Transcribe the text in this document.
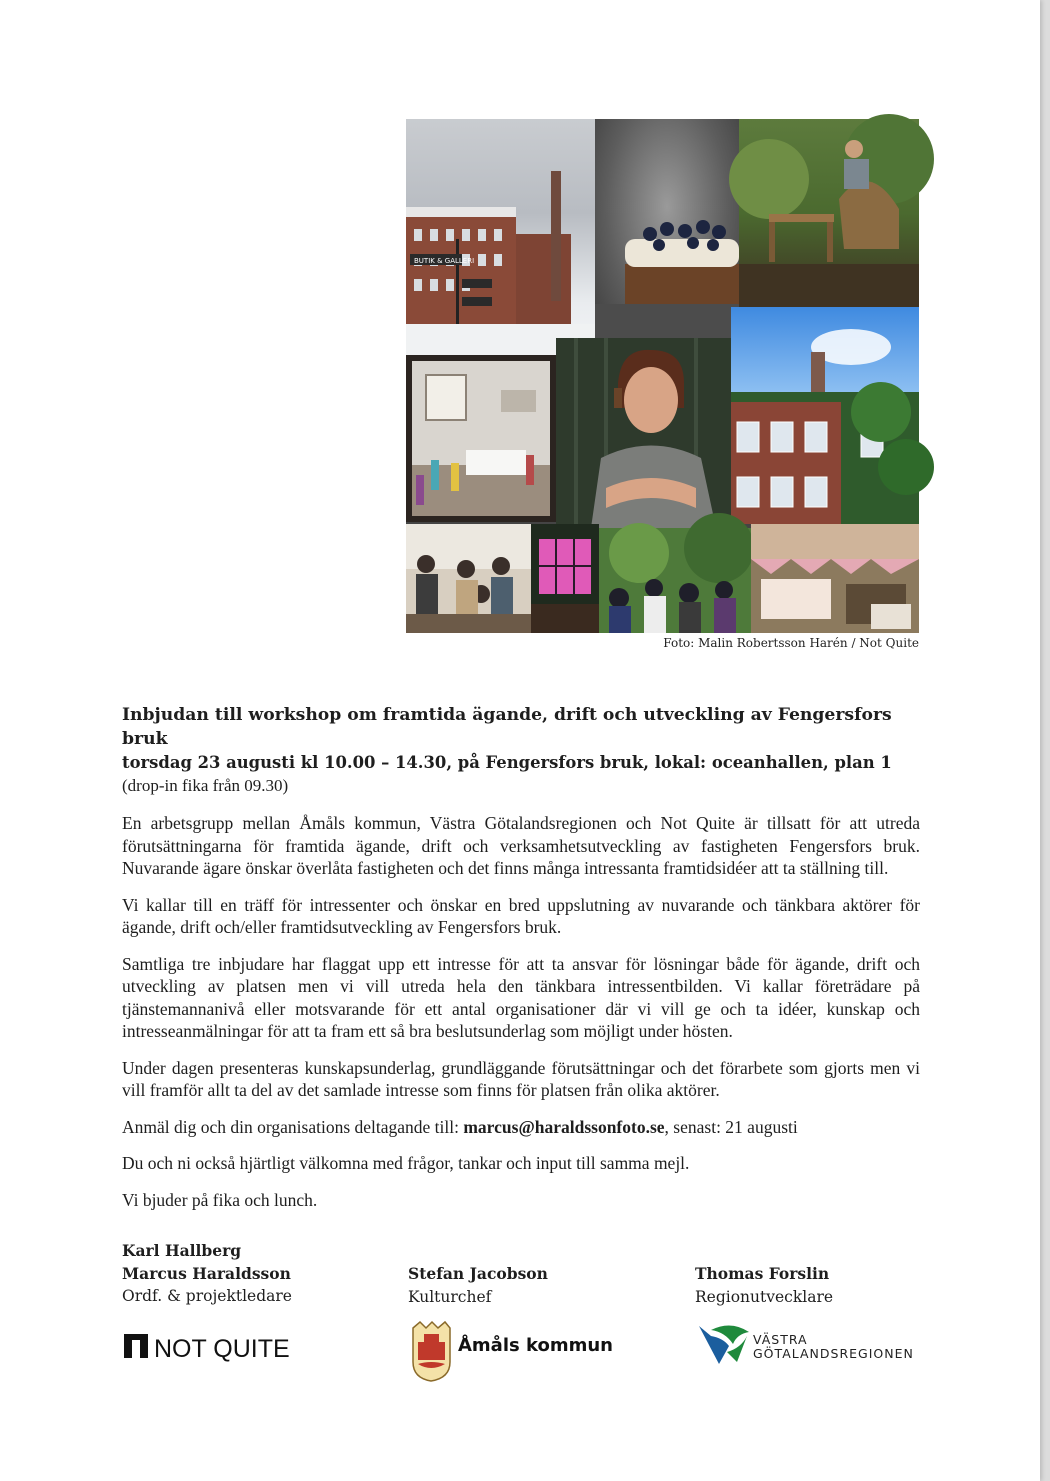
BUTIK & GALLERI
Foto: Malin Robertsson Harén / Not Quite

Inbjudan till workshop om framtida ägande, drift och utveckling av Fengersfors bruk

torsdag 23 augusti kl 10.00 – 14.30, på Fengersfors bruk, lokal: oceanhallen, plan 1

(drop-in fika från 09.30)

En arbetsgrupp mellan Åmåls kommun, Västra Götalandsregionen och Not Quite är tillsatt för att utreda förutsättningarna för framtida ägande, drift och verksamhetsutveckling av fastigheten Fengersfors bruk. Nuvarande ägare önskar överlåta fastigheten och det finns många intressanta framtidsidéer att ta ställning till.

Vi kallar till en träff för intressenter och önskar en bred uppslutning av nuvarande och tänkbara aktörer för ägande, drift och/eller framtidsutveckling av Fengersfors bruk.

Samtliga tre inbjudare har flaggat upp ett intresse för att ta ansvar för lösningar både för ägande, drift och utveckling av platsen men vi vill utreda hela den tänkbara intressentbilden. Vi kallar företrädare på tjänstemannanivå eller motsvarande för ett antal organisationer där vi vill ge och ta idéer, kunskap och intresseanmälningar för att ta fram ett så bra beslutsunderlag som möjligt under hösten.

Under dagen presenteras kunskapsunderlag, grundläggande förutsättningar och det förarbete som gjorts men vi vill framför allt ta del av det samlade intresse som finns för platsen från olika aktörer.

Anmäl dig och din organisations deltagande till: marcus@haraldssonfoto.se, senast: 21 augusti

Du och ni också hjärtligt välkomna med frågor, tankar och input till samma mejl.

Vi bjuder på fika och lunch.

Karl Hallberg
Marcus Haraldsson
Ordf. & projektledare
Stefan Jacobson
Kulturchef
Thomas Forslin
Regionutvecklare
NOT QUITE	Åmåls kommun	VÄSTRA
GÖTALANDSREGIONEN
